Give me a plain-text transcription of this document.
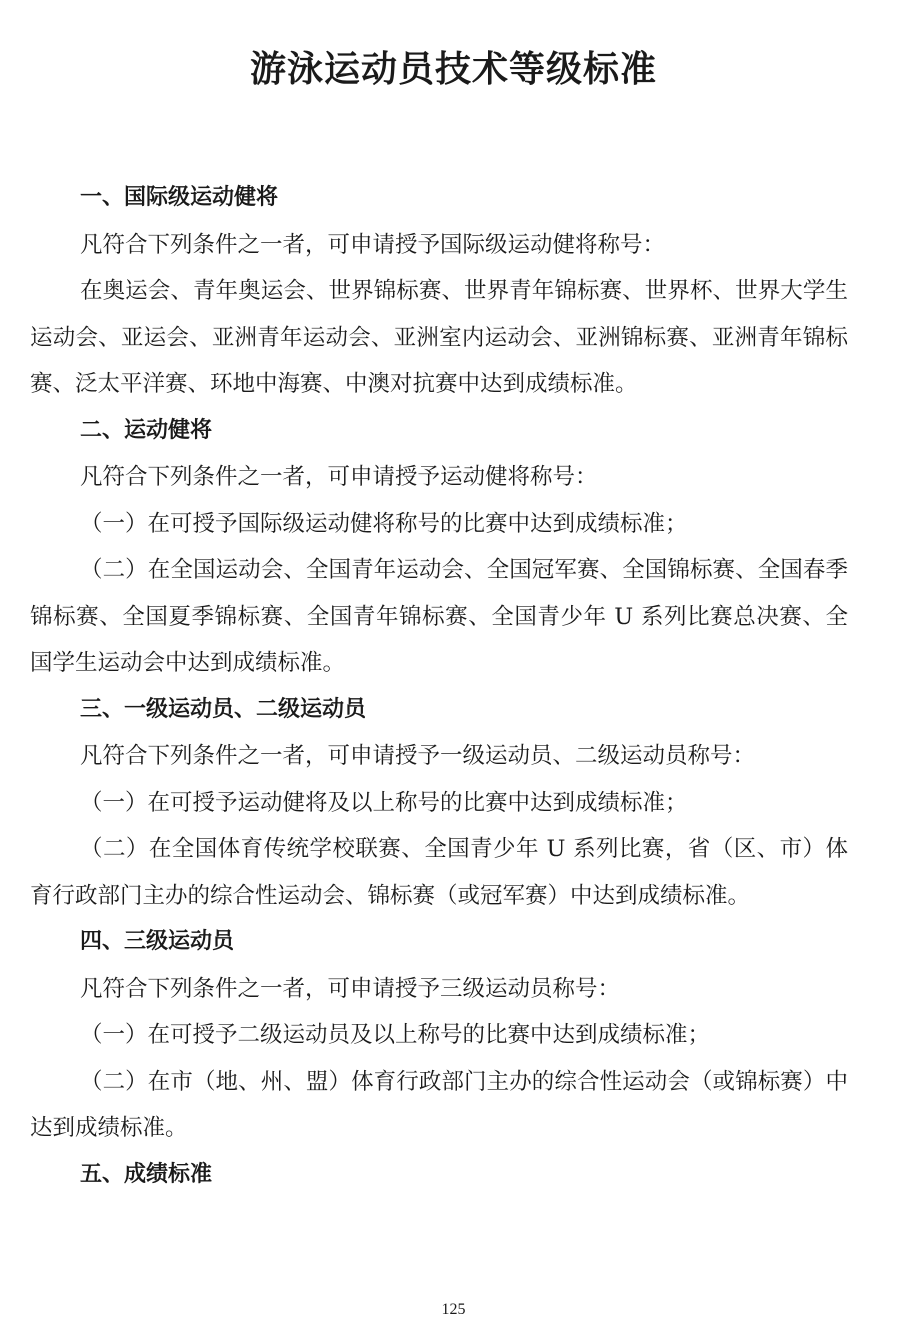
游泳运动员技术等级标准
一、国际级运动健将

凡符合下列条件之一者，可申请授予国际级运动健将称号：

在奥运会、青年奥运会、世界锦标赛、世界青年锦标赛、世界杯、世界大学生运动会、亚运会、亚洲青年运动会、亚洲室内运动会、亚洲锦标赛、亚洲青年锦标赛、泛太平洋赛、环地中海赛、中澳对抗赛中达到成绩标准。

二、运动健将

凡符合下列条件之一者，可申请授予运动健将称号：

（一）在可授予国际级运动健将称号的比赛中达到成绩标准；

（二）在全国运动会、全国青年运动会、全国冠军赛、全国锦标赛、全国春季锦标赛、全国夏季锦标赛、全国青年锦标赛、全国青少年 U 系列比赛总决赛、全国学生运动会中达到成绩标准。

三、一级运动员、二级运动员

凡符合下列条件之一者，可申请授予一级运动员、二级运动员称号：

（一）在可授予运动健将及以上称号的比赛中达到成绩标准；

（二）在全国体育传统学校联赛、全国青少年 U 系列比赛，省（区、市）体育行政部门主办的综合性运动会、锦标赛（或冠军赛）中达到成绩标准。

四、三级运动员

凡符合下列条件之一者，可申请授予三级运动员称号：

（一）在可授予二级运动员及以上称号的比赛中达到成绩标准；

（二）在市（地、州、盟）体育行政部门主办的综合性运动会（或锦标赛）中达到成绩标准。

五、成绩标准
125
